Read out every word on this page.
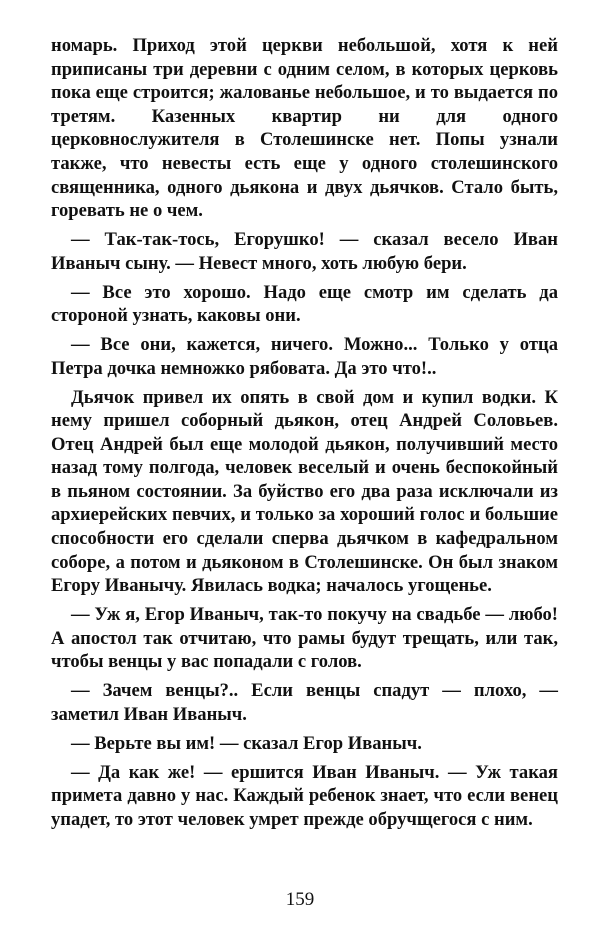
номарь. Приход этой церкви небольшой, хотя к ней приписаны три деревни с одним селом, в которых церковь пока еще строится; жалованье небольшое, и то выдается по третям. Казенных квартир ни для одного церковнослужителя в Столешинске нет. Попы узнали также, что невесты есть еще у одного столешинского священника, одного дьякона и двух дьячков. Стало быть, горевать не о чем.

— Так-так-тось, Егорушко! — сказал весело Иван Иваныч сыну. — Невест много, хоть любую бери.

— Все это хорошо. Надо еще смотр им сделать да стороной узнать, каковы они.

— Все они, кажется, ничего. Можно... Только у отца Петра дочка немножко рябовата. Да это что!..

Дьячок привел их опять в свой дом и купил водки. К нему пришел соборный дьякон, отец Андрей Соловьев. Отец Андрей был еще молодой дьякон, получивший место назад тому полгода, человек веселый и очень беспокойный в пьяном состоянии. За буйство его два раза исключали из архиерейских певчих, и только за хороший голос и большие способности его сделали сперва дьячком в кафедральном соборе, а потом и дьяконом в Столешинске. Он был знаком Егору Иванычу. Явилась водка; началось угощенье.

— Уж я, Егор Иваныч, так-то покучу на свадьбе — любо! А апостол так отчитаю, что рамы будут трещать, или так, чтобы венцы у вас попадали с голов.

— Зачем венцы?.. Если венцы спадут — плохо, — заметил Иван Иваныч.

— Верьте вы им! — сказал Егор Иваныч.

— Да как же! — ершится Иван Иваныч. — Уж такая примета давно у нас. Каждый ребенок знает, что если венец упадет, то этот человек умрет прежде обручщегося с ним.

159
